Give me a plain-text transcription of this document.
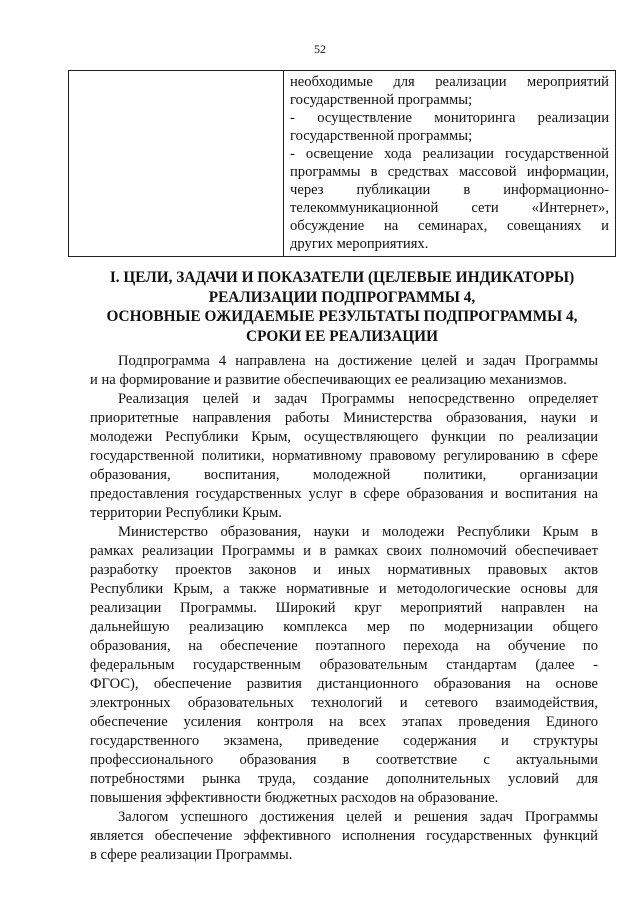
52

необходимые для реализации мероприятий
государственной программы;
- осуществление мониторинга реализации
государственной программы;
- освещение хода реализации государственной
программы в средствах массовой информации,
через публикации в информационно-
телекоммуникационной сети «Интернет»,
обсуждение на семинарах, совещаниях и
других мероприятиях.
I. ЦЕЛИ, ЗАДАЧИ И ПОКАЗАТЕЛИ (ЦЕЛЕВЫЕ ИНДИКАТОРЫ)
РЕАЛИЗАЦИИ ПОДПРОГРАММЫ 4,
ОСНОВНЫЕ ОЖИДАЕМЫЕ РЕЗУЛЬТАТЫ ПОДПРОГРАММЫ 4,
СРОКИ ЕЕ РЕАЛИЗАЦИИ
Подпрограмма 4 направлена на достижение целей и задач Программы
и на формирование и развитие обеспечивающих ее реализацию механизмов.
Реализация целей и задач Программы непосредственно определяет
приоритетные направления работы Министерства образования, науки и
молодежи Республики Крым, осуществляющего функции по реализации
государственной политики, нормативному правовому регулированию в сфере
образования, воспитания, молодежной политики, организации
предоставления государственных услуг в сфере образования и воспитания на
территории Республики Крым.
Министерство образования, науки и молодежи Республики Крым в
рамках реализации Программы и в рамках своих полномочий обеспечивает
разработку проектов законов и иных нормативных правовых актов
Республики Крым, а также нормативные и методологические основы для
реализации Программы. Широкий круг мероприятий направлен на
дальнейшую реализацию комплекса мер по модернизации общего
образования, на обеспечение поэтапного перехода на обучение по
федеральным государственным образовательным стандартам (далее -
ФГОС), обеспечение развития дистанционного образования на основе
электронных образовательных технологий и сетевого взаимодействия,
обеспечение усиления контроля на всех этапах проведения Единого
государственного экзамена, приведение содержания и структуры
профессионального образования в соответствие с актуальными
потребностями рынка труда, создание дополнительных условий для
повышения эффективности бюджетных расходов на образование.
Залогом успешного достижения целей и решения задач Программы
является обеспечение эффективного исполнения государственных функций
в сфере реализации Программы.
